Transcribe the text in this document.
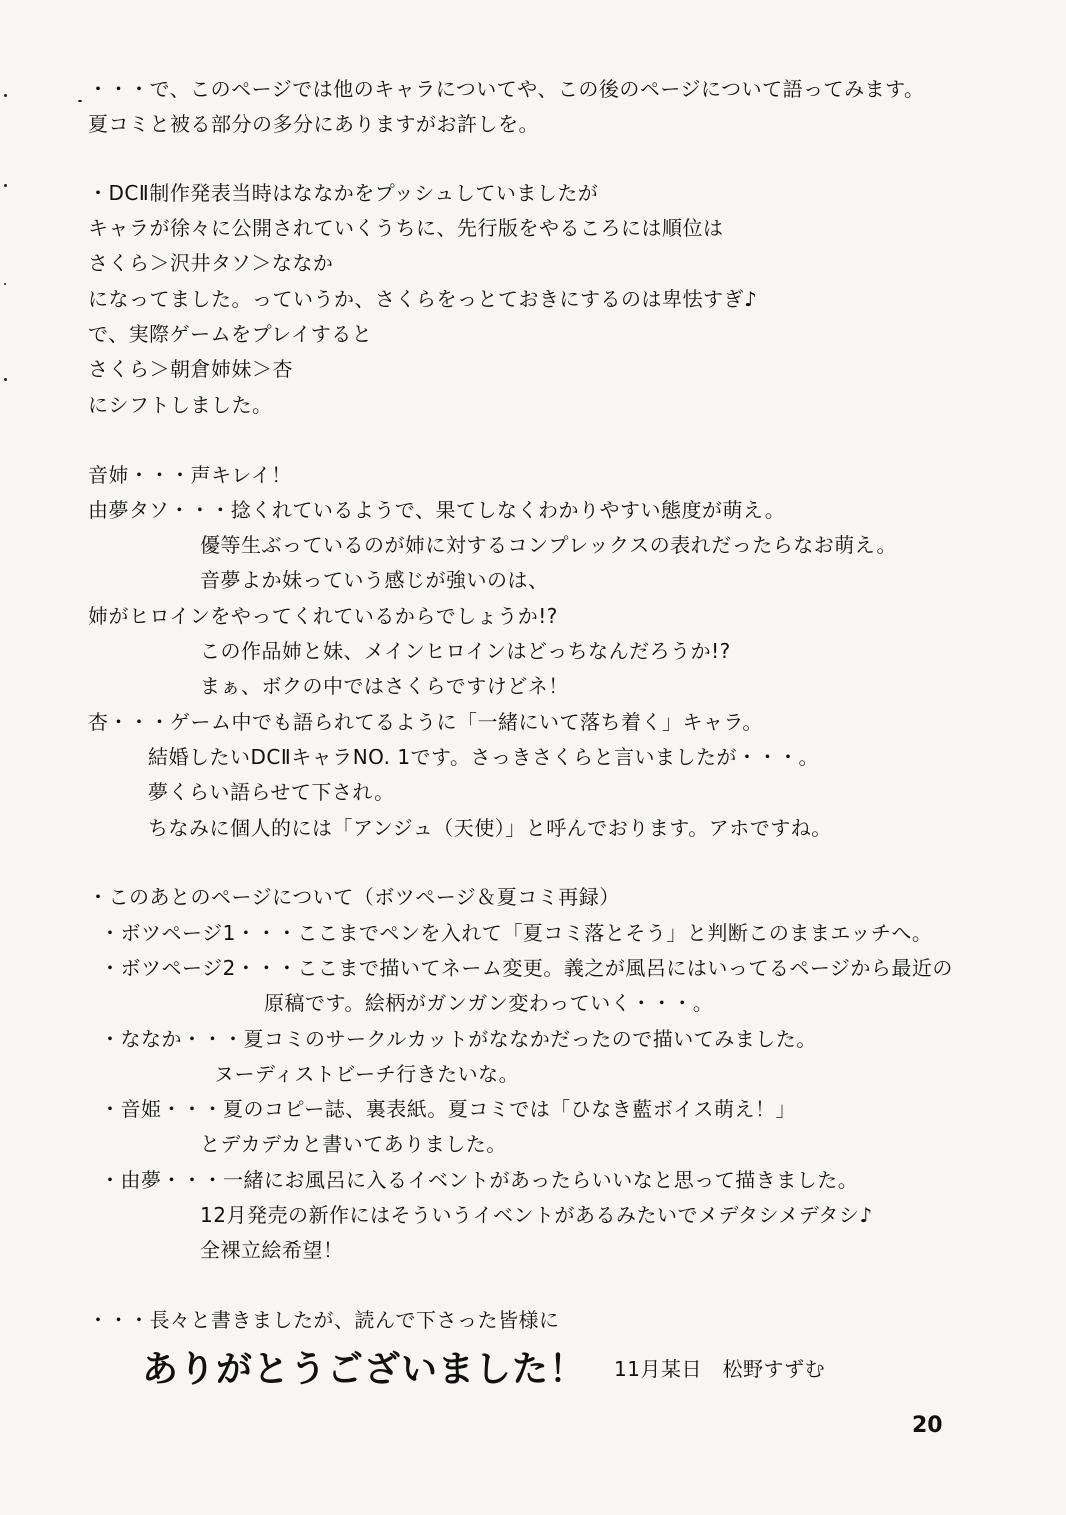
・・・で、このページでは他のキャラについてや、この後のページについて語ってみます。
夏コミと被る部分の多分にありますがお許しを。
・DCⅡ制作発表当時はななかをプッシュしていましたが
キャラが徐々に公開されていくうちに、先行版をやるころには順位は
さくら＞沢井タソ＞ななか
になってました。っていうか、さくらをっとておきにするのは卑怯すぎ♪
で、実際ゲームをプレイすると
さくら＞朝倉姉妹＞杏
にシフトしました。
音姉・・・声キレイ！
由夢タソ・・・捻くれているようで、果てしなくわかりやすい態度が萌え。
優等生ぶっているのが姉に対するコンプレックスの表れだったらなお萌え。
音夢よか妹っていう感じが強いのは、
姉がヒロインをやってくれているからでしょうか!?
この作品姉と妹、メインヒロインはどっちなんだろうか!?
まぁ、ボクの中ではさくらですけどネ！
杏・・・ゲーム中でも語られてるように「一緒にいて落ち着く」キャラ。
結婚したいDCⅡキャラNO. 1です。さっきさくらと言いましたが・・・。
夢くらい語らせて下され。
ちなみに個人的には「アンジュ（天使）」と呼んでおります。アホですね。
・このあとのページについて（ボツページ＆夏コミ再録）
・ボツページ1・・・ここまでペンを入れて「夏コミ落とそう」と判断このままエッチへ。
・ボツページ2・・・ここまで描いてネーム変更。義之が風呂にはいってるページから最近の
原稿です。絵柄がガンガン変わっていく・・・。
・ななか・・・夏コミのサークルカットがななかだったので描いてみました。
ヌーディストビーチ行きたいな。
・音姫・・・夏のコピー誌、裏表紙。夏コミでは「ひなき藍ボイス萌え！」
とデカデカと書いてありました。
・由夢・・・一緒にお風呂に入るイベントがあったらいいなと思って描きました。
12月発売の新作にはそういうイベントがあるみたいでメデタシメデタシ♪
全裸立絵希望！
・・・長々と書きましたが、読んで下さった皆様に
ありがとうございました！ 11月某日　松野すずむ
20
